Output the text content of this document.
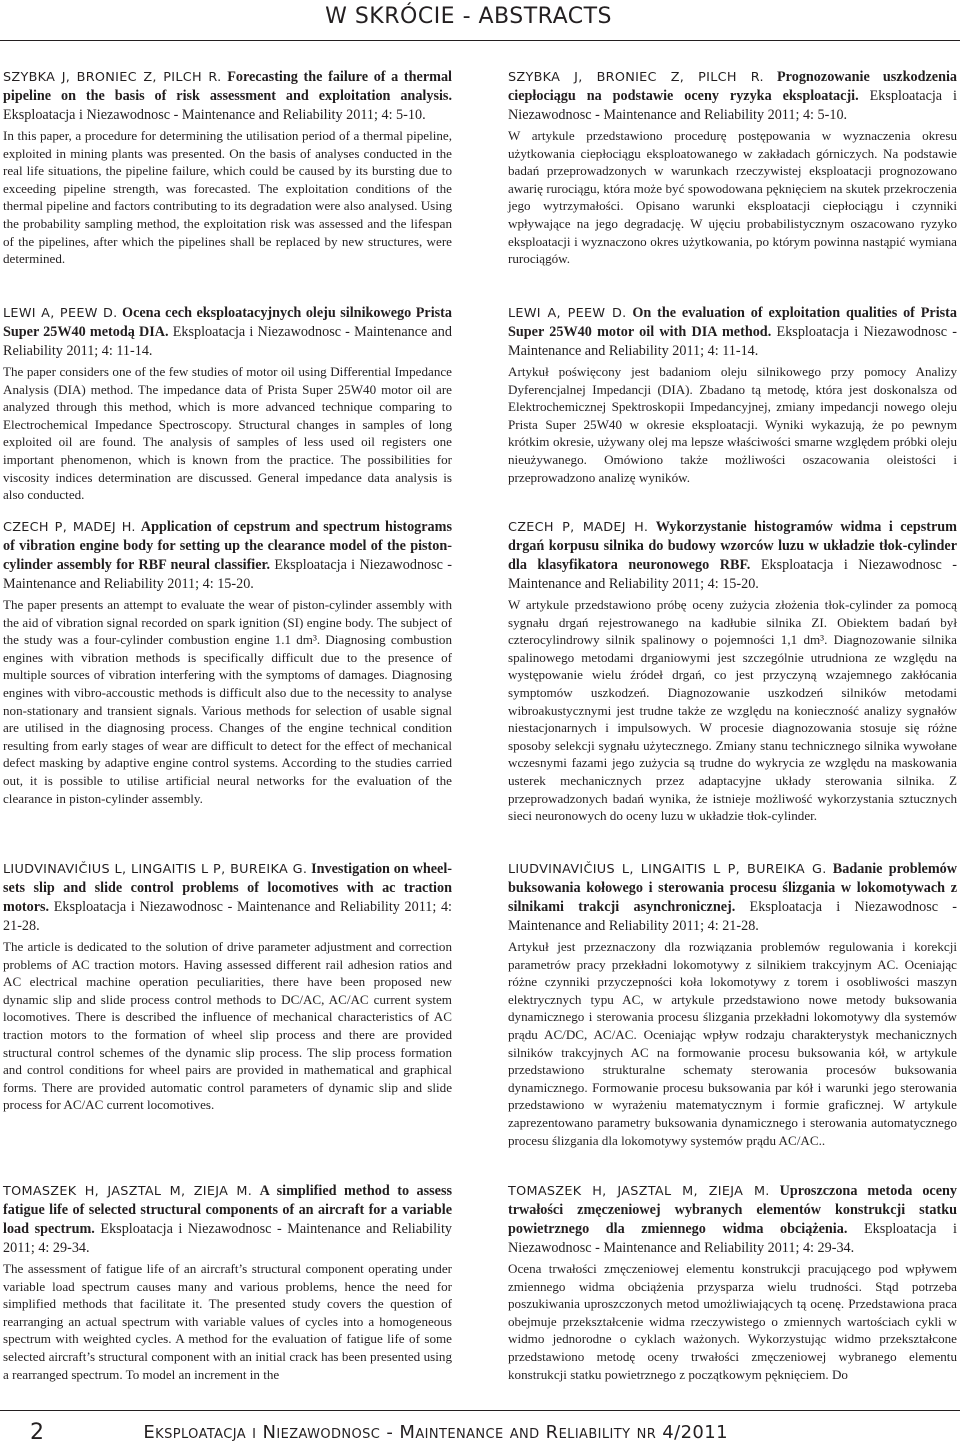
W SKRÓCIE - ABSTRACTS

SZYBKA J, BRONIEC Z, PILCH R. Forecasting the failure of a thermal pipeline on the basis of risk assessment and exploitation analysis. Eksploatacja i Niezawodnosc - Maintenance and Reliability 2011; 4: 5-10.

In this paper, a procedure for determining the utilisation period of a thermal pipeline, exploited in mining plants was presented. On the basis of analyses conducted in the real life situations, the pipeline failure, which could be caused by its bursting due to exceeding pipeline strength, was forecasted. The exploitation conditions of the thermal pipeline and factors contributing to its degradation were also analysed. Using the probability sampling method, the exploitation risk was assessed and the lifespan of the pipelines, after which the pipelines shall be replaced by new structures, were determined.

LEWI A, PEEW D. Ocena cech eksploatacyjnych oleju silnikowego Prista Super 25W40 metodą DIA. Eksploatacja i Niezawodnosc - Maintenance and Reliability 2011; 4: 11-14.

The paper considers one of the few studies of motor oil using Differential Impedance Analysis (DIA) method. The impedance data of Prista Super 25W40 motor oil are analyzed through this method, which is more advanced technique comparing to Electrochemical Impedance Spectroscopy. Structural changes in samples of long exploited oil are found. The analysis of samples of less used oil registers one important phenomenon, which is known from the practice. The possibilities for viscosity indices determination are discussed. General impedance data analysis is also conducted.

CZECH P, MADEJ H. Application of cepstrum and spectrum histograms of vibration engine body for setting up the clearance model of the piston-cylinder assembly for RBF neural classifier. Eksploatacja i Niezawodnosc - Maintenance and Reliability 2011; 4: 15-20.

The paper presents an attempt to evaluate the wear of piston-cylinder assembly with the aid of vibration signal recorded on spark ignition (SI) engine body. The subject of the study was a four-cylinder combustion engine 1.1 dm³. Diagnosing combustion engines with vibration methods is specifically difficult due to the presence of multiple sources of vibration interfering with the symptoms of damages. Diagnosing engines with vibro-accoustic methods is difficult also due to the necessity to analyse non-stationary and transient signals. Various methods for selection of usable signal are utilised in the diagnosing process. Changes of the engine technical condition resulting from early stages of wear are difficult to detect for the effect of mechanical defect masking by adaptive engine control systems. According to the studies carried out, it is possible to utilise artificial neural networks for the evaluation of the clearance in piston-cylinder assembly.

LIUDVINAVIČIUS L, LINGAITIS L P, BUREIKA G. Investigation on wheel-sets slip and slide control problems of locomotives with ac traction motors. Eksploatacja i Niezawodnosc - Maintenance and Reliability 2011; 4: 21-28.

The article is dedicated to the solution of drive parameter adjustment and correction problems of AC traction motors. Having assessed different rail adhesion ratios and AC electrical machine operation peculiarities, there have been proposed new dynamic slip and slide process control methods to DC/AC, AC/AC current system locomotives. There is described the influence of mechanical characteristics of AC traction motors to the formation of wheel slip process and there are provided structural control schemes of the dynamic slip process. The slip process formation and control conditions for wheel pairs are provided in mathematical and graphical forms. There are provided automatic control parameters of dynamic slip and slide process for AC/AC current locomotives.

TOMASZEK H, JASZTAL M, ZIEJA M. A simplified method to assess fatigue life of selected structural components of an aircraft for a variable load spectrum. Eksploatacja i Niezawodnosc - Maintenance and Reliability 2011; 4: 29-34.

The assessment of fatigue life of an aircraft’s structural component operating under variable load spectrum causes many and various problems, hence the need for simplified methods that facilitate it. The presented study covers the question of rearranging an actual spectrum with variable values of cycles into a homogeneous spectrum with weighted cycles. A method for the evaluation of fatigue life of some selected aircraft’s structural component with an initial crack has been presented using a rearranged spectrum. To model an increment in the

SZYBKA J, BRONIEC Z, PILCH R. Prognozowanie uszkodzenia ciepłociągu na podstawie oceny ryzyka eksploatacji. Eksploatacja i Niezawodnosc - Maintenance and Reliability 2011; 4: 5-10.

W artykule przedstawiono procedurę postępowania w wyznaczenia okresu użytkowania ciepłociągu eksploatowanego w zakładach górniczych. Na podstawie badań przeprowadzonych w warunkach rzeczywistej eksploatacji prognozowano awarię rurociągu, która może być spowodowana pęknięciem na skutek przekroczenia jego wytrzymałości. Opisano warunki eksploatacji ciepłociągu i czynniki wpływające na jego degradację. W ujęciu probabilistycznym oszacowano ryzyko eksploatacji i wyznaczono okres użytkowania, po którym powinna nastąpić wymiana rurociągów.

LEWI A, PEEW D. On the evaluation of exploitation qualities of Prista Super 25W40 motor oil with DIA method. Eksploatacja i Niezawodnosc - Maintenance and Reliability 2011; 4: 11-14.

Artykuł poświęcony jest badaniom oleju silnikowego przy pomocy Analizy Dyferencjalnej Impedancji (DIA). Zbadano tą metodę, która jest doskonalsza od Elektrochemicznej Spektroskopii Impedancyjnej, zmiany impedancji nowego oleju Prista Super 25W40 w okresie eksploatacji. Wyniki wykazują, że po pewnym krótkim okresie, używany olej ma lepsze właściwości smarne względem próbki oleju nieużywanego. Omówiono także możliwości oszacowania oleistości i przeprowadzono analizę wyników.

CZECH P, MADEJ H. Wykorzystanie histogramów widma i cepstrum drgań korpusu silnika do budowy wzorców luzu w układzie tłok-cylinder dla klasyfikatora neuronowego RBF. Eksploatacja i Niezawodnosc - Maintenance and Reliability 2011; 4: 15-20.

W artykule przedstawiono próbę oceny zużycia złożenia tłok-cylinder za pomocą sygnału drgań rejestrowanego na kadłubie silnika ZI. Obiektem badań był czterocylindrowy silnik spalinowy o pojemności 1,1 dm³. Diagnozowanie silnika spalinowego metodami drganiowymi jest szczególnie utrudniona ze względu na występowanie wielu źródeł drgań, co jest przyczyną wzajemnego zakłócania symptomów uszkodzeń. Diagnozowanie uszkodzeń silników metodami wibroakustycznymi jest trudne także ze względu na konieczność analizy sygnałów niestacjonarnych i impulsowych. W procesie diagnozowania stosuje się różne sposoby selekcji sygnału użytecznego. Zmiany stanu technicznego silnika wywołane wczesnymi fazami jego zużycia są trudne do wykrycia ze względu na maskowania usterek mechanicznych przez adaptacyjne układy sterowania silnika. Z przeprowadzonych badań wynika, że istnieje możliwość wykorzystania sztucznych sieci neuronowych do oceny luzu w układzie tłok-cylinder.

LIUDVINAVIČIUS L, LINGAITIS L P, BUREIKA G. Badanie problemów buksowania kołowego i sterowania procesu ślizgania w lokomotywach z silnikami trakcji asynchronicznej. Eksploatacja i Niezawodnosc - Maintenance and Reliability 2011; 4: 21-28.

Artykuł jest przeznaczony dla rozwiązania problemów regulowania i korekcji parametrów pracy przekładni lokomotywy z silnikiem trakcyjnym AC. Oceniając różne czynniki przyczepności koła lokomotywy z torem i osobliwości maszyn elektrycznych typu AC, w artykule przedstawiono nowe metody buksowania dynamicznego i sterowania procesu ślizgania przekładni lokomotywy dla systemów prądu AC/DC, AC/AC. Oceniając wpływ rodzaju charakterystyk mechanicznych silników trakcyjnych AC na formowanie procesu buksowania kół, w artykule przedstawiono strukturalne schematy sterowania procesów buksowania dynamicznego. Formowanie procesu buksowania par kół i warunki jego sterowania przedstawiono w wyrażeniu matematycznym i formie graficznej. W artykule zaprezentowano parametry buksowania dynamicznego i sterowania automatycznego procesu ślizgania dla lokomotywy systemów prądu AC/AC..

TOMASZEK H, JASZTAL M, ZIEJA M. Uproszczona metoda oceny trwałości zmęczeniowej wybranych elementów konstrukcji statku powietrznego dla zmiennego widma obciążenia. Eksploatacja i Niezawodnosc - Maintenance and Reliability 2011; 4: 29-34.

Ocena trwałości zmęczeniowej elementu konstrukcji pracującego pod wpływem zmiennego widma obciążenia przysparza wielu trudności. Stąd potrzeba poszukiwania uproszczonych metod umożliwiających tą ocenę. Przedstawiona praca obejmuje przekształcenie widma rzeczywistego o zmiennych wartościach cykli w widmo jednorodne o cyklach ważonych. Wykorzystując widmo przekształcone przedstawiono metodę oceny trwałości zmęczeniowej wybranego elementu konstrukcji statku powietrznego z początkowym pęknięciem. Do

2	Eksploatacja i Niezawodnosc - Maintenance and Reliability nr 4/2011
